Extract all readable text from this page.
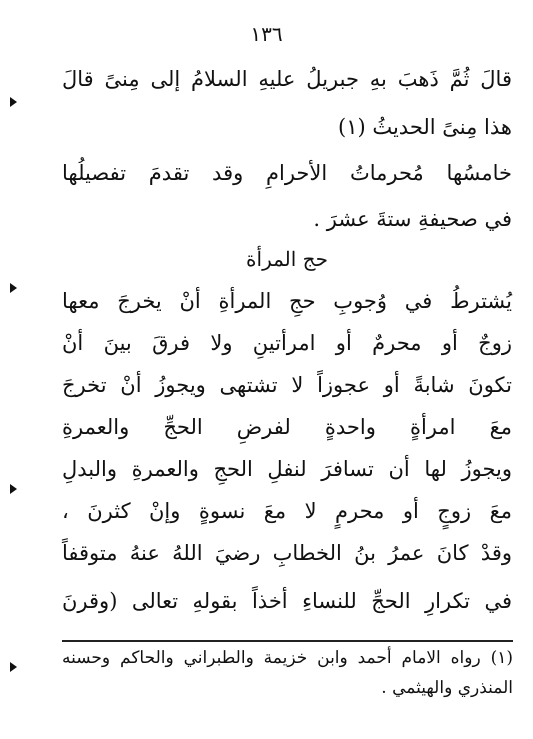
١٣٦
قالَ ثُمَّ ذَهبَ بهِ جبريلُ عليهِ السلامُ إلى مِنىً قالَ
هذا مِنىً الحديثُ (١)
خامسُها مُحرماتُ الأحرامِ وقد تقدمَ تفصيلُها
في صحيفةِ ستةَ عشرَ .
حج المرأة
يُشترطُ في وُجوبِ حجِ المرأةِ أنْ يخرجَ معها
زوجٌ أو محرمٌ أو امرأتينِ ولا فرقَ بينَ أنْ
تكونَ شابةً أو عجوزاً لا تشتهى ويجوزُ أنْ تخرجَ
معَ امرأةٍ واحدةٍ لفرضِ الحجِّ والعمرةِ
ويجوزُ لها أن تسافرَ لنفلِ الحجِ والعمرةِ والبدلِ
معَ زوجٍ أو محرمٍ لا معَ نسوةٍ وإنْ كثرنَ ،
وقدْ كانَ عمرُ بنُ الخطابِ رضيَ اللهُ عنهُ متوقفاً
في تكرارِ الحجِّ للنساءِ أخذاً بقولهِ تعالى (وقرنَ
(١) رواه الامام أحمد وابن خزيمة والطبراني والحاكم وحسنه
المنذري والهيثمي .
